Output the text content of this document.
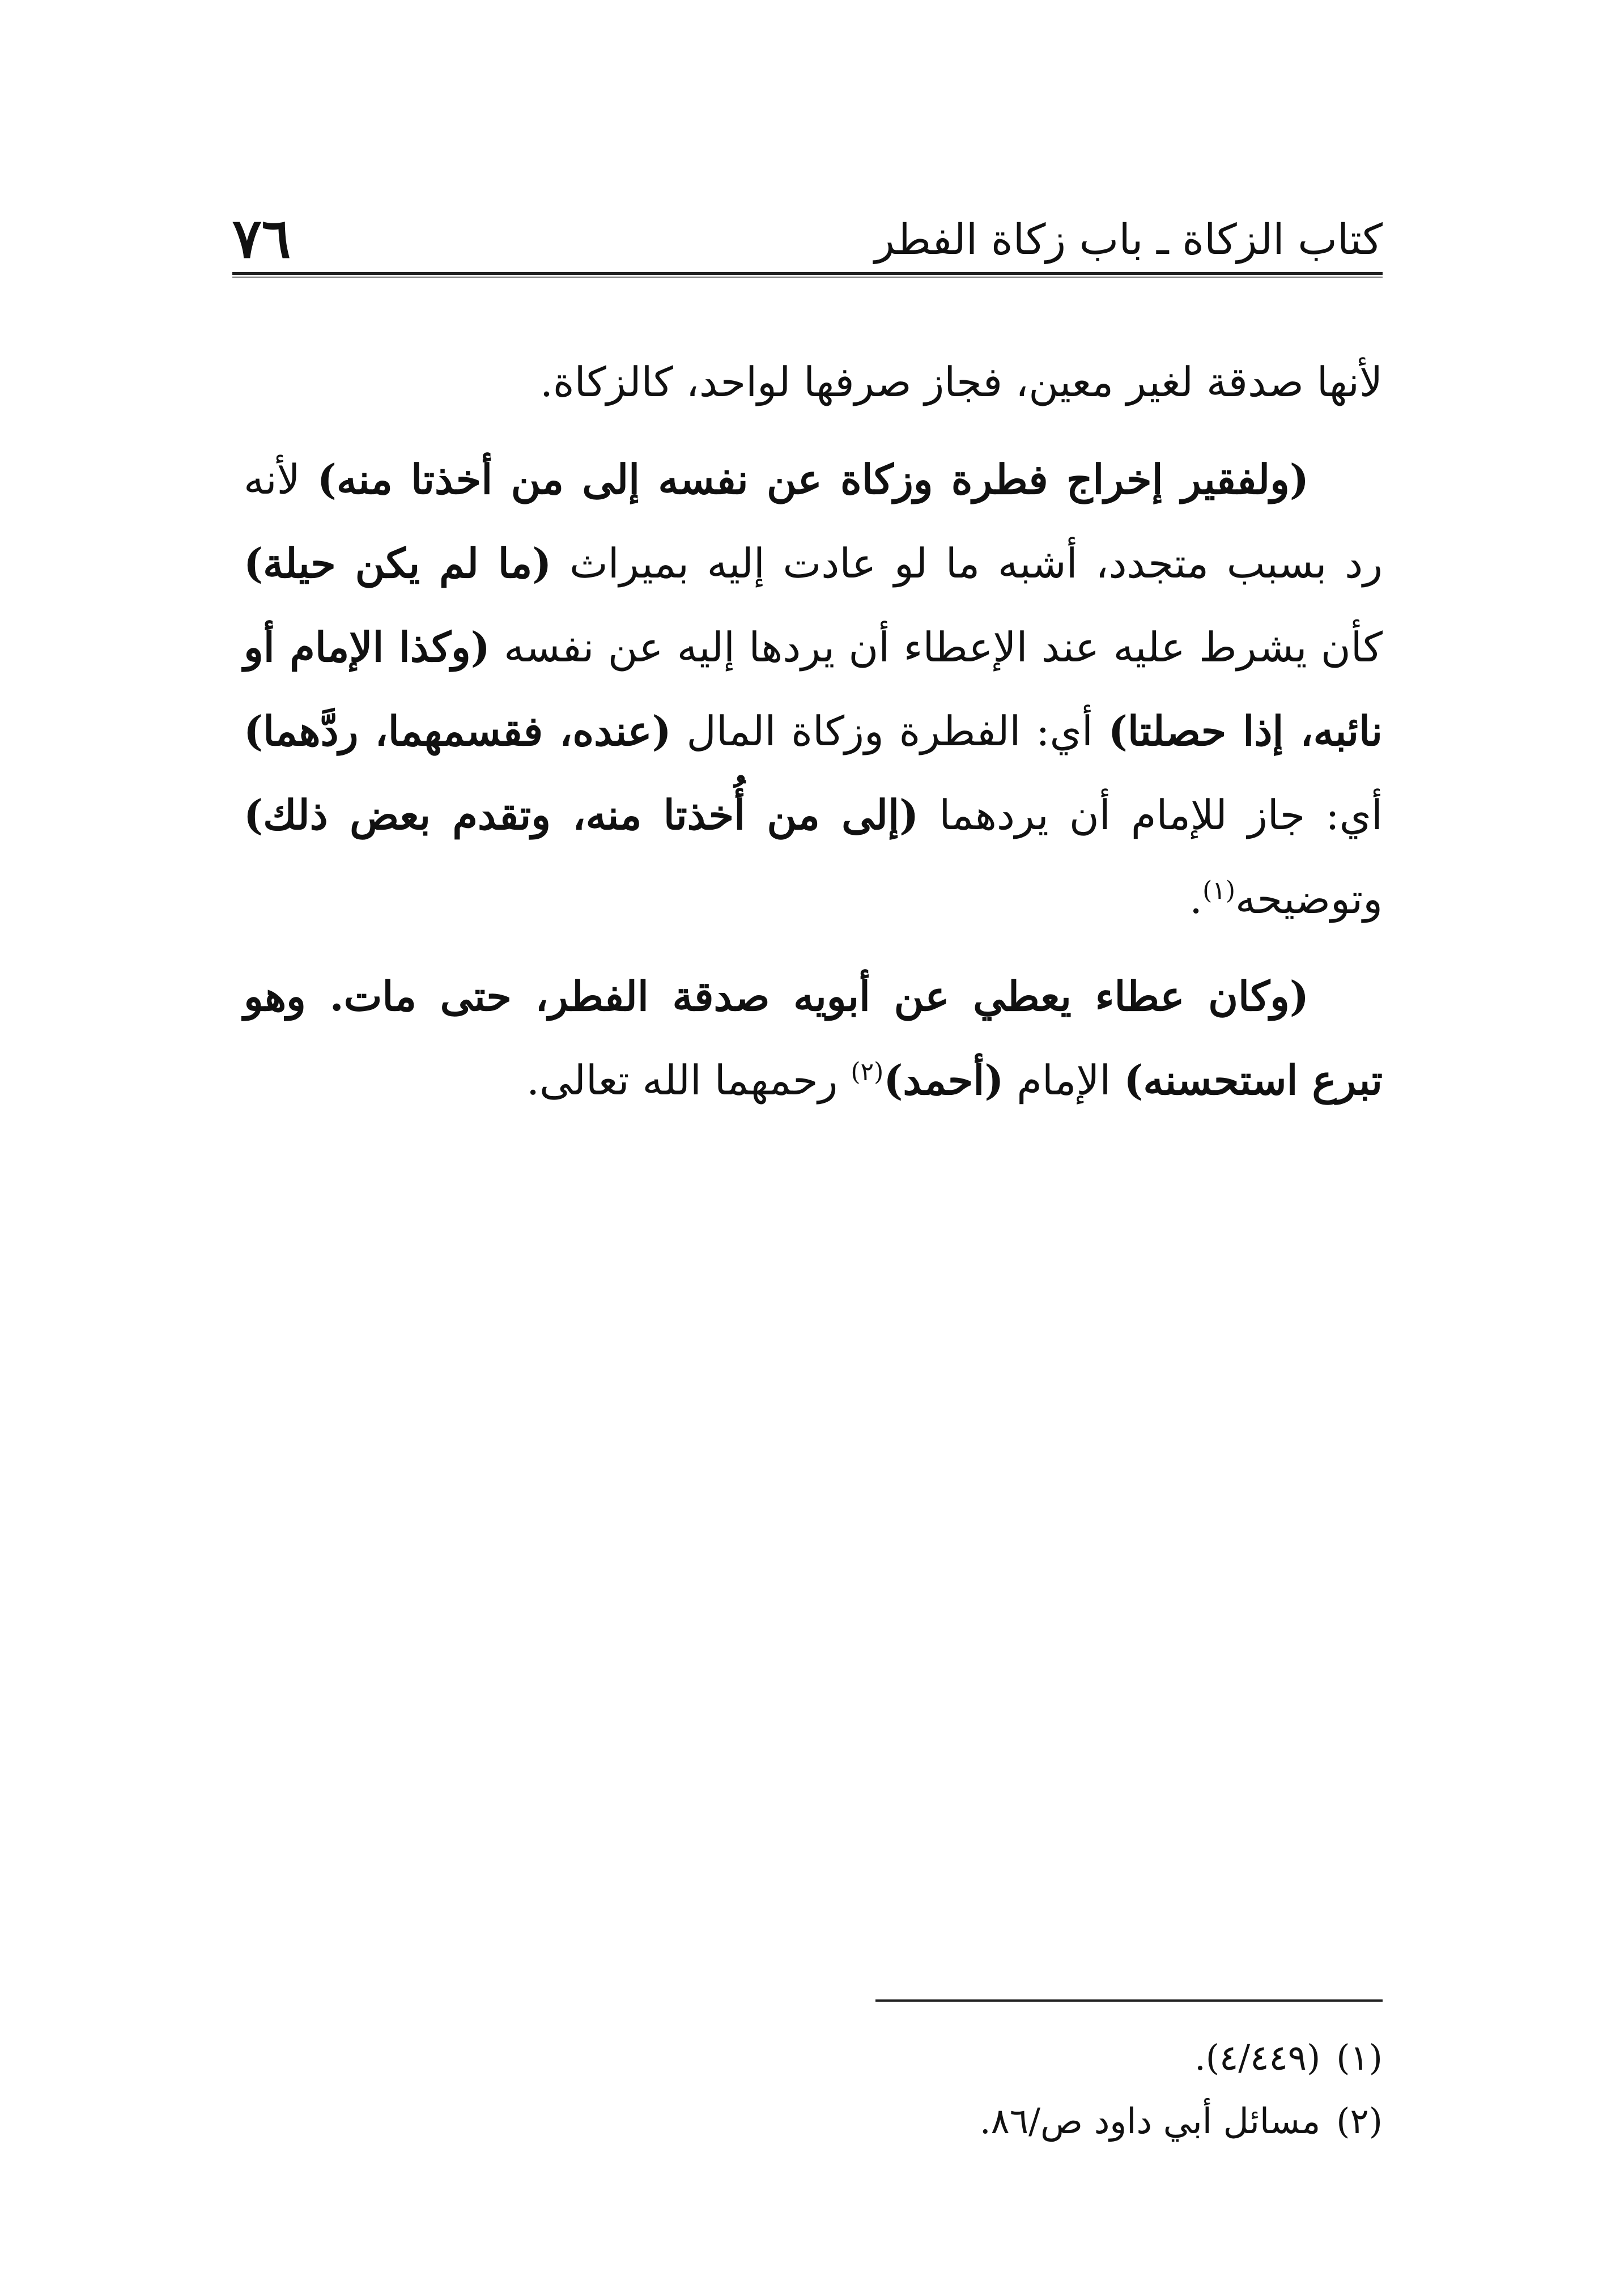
كتاب الزكاة ـ باب زكاة الفطر
٧٦

لأنها صدقة لغير معين، فجاز صرفها لواحد، كالزكاة.

(ولفقير إخراج فطرة وزكاة عن نفسه إلى من أخذتا منه) لأنه رد بسبب متجدد، أشبه ما لو عادت إليه بميراث (ما لم يكن حيلة) كأن يشرط عليه عند الإعطاء أن يردها إليه عن نفسه (وكذا الإمام أو نائبه، إذا حصلتا) أي: الفطرة وزكاة المال (عنده، فقسمهما، ردَّهما) أي: جاز للإمام أن يردهما (إلى من أُخذتا منه، وتقدم بعض ذلك) وتوضيحه$^{(١)}$.

(وكان عطاء يعطي عن أبويه صدقة الفطر، حتى مات. وهو تبرع استحسنه) الإمام (أحمد)$^{(٢)}$ رحمهما الله تعالى.

(١)(٤/٤٤٩).
(٢)مسائل أبي داود ص/٨٦.
